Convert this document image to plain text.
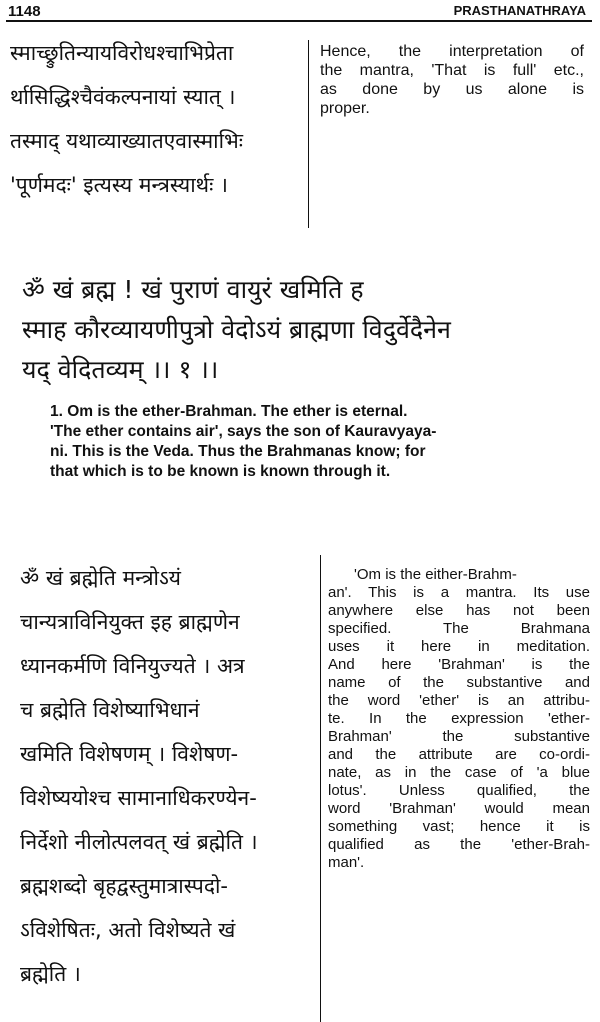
1148	PRASTHANATHRAYA
स्माच्छ्रुतिन्यायविरोधश्चाभिप्रेता
र्थासिद्धिश्चैवंकल्पनायां स्यात् ।
तस्माद् यथाव्याख्यातएवास्माभिः
'पूर्णमदः' इत्यस्य मन्त्रस्यार्थः ।
Hence, the interpretation of
the mantra, 'That is full' etc.,
as done by us alone is
proper.
ॐ खं ब्रह्म ! खं पुराणं वायुरं खमिति ह
स्माह कौरव्यायणीपुत्रो वेदोऽयं ब्राह्मणा विदुर्वेदैनेन
यद् वेदितव्यम् ।। १ ।।
1. Om is the ether-Brahman. The ether is eternal.
'The ether contains air', says the son of Kauravyaya-
ni. This is the Veda. Thus the Brahmanas know; for
that which is to be known is known through it.
ॐ खं ब्रह्मेति मन्त्रोऽयं
चान्यत्राविनियुक्त इह ब्राह्मणेन
ध्यानकर्मणि विनियुज्यते । अत्र
च ब्रह्मेति विशेष्याभिधानं
खमिति विशेषणम् । विशेषण-
विशेष्ययोश्च सामानाधिकरण्येन-
निर्देशो नीलोत्पलवत् खं ब्रह्मेति ।
ब्रह्मशब्दो बृहद्वस्तुमात्रास्पदो-
ऽविशेषितः, अतो विशेष्यते खं
ब्रह्मेति ।
'Om is the either-Brahm-
an'. This is a mantra. Its use
anywhere else has not been
specified. The Brahmana
uses it here in meditation.
And here 'Brahman' is the
name of the substantive and
the word 'ether' is an attribu-
te. In the expression 'ether-
Brahman' the substantive
and the attribute are co-ordi-
nate, as in the case of 'a blue
lotus'. Unless qualified, the
word 'Brahman' would mean
something vast; hence it is
qualified as the 'ether-Brah-
man'.
